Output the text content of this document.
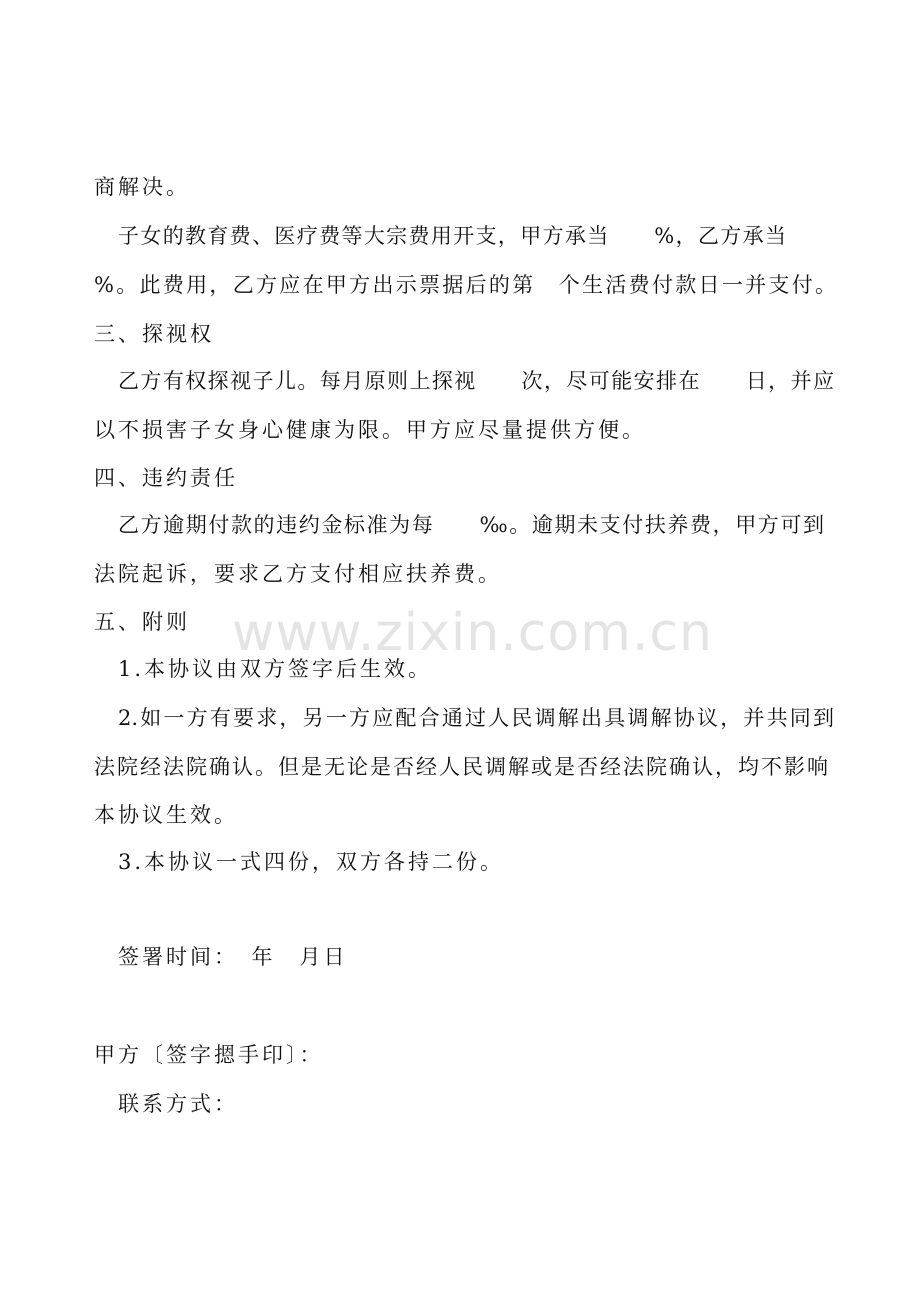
商解决。
子女的教育费、医疗费等大宗费用开支，甲方承当　　%，乙方承当
%。此费用，乙方应在甲方出示票据后的第　个生活费付款日一并支付。
三、探视权
乙方有权探视子儿。每月原则上探视　　次，尽可能安排在　　日，并应
以不损害子女身心健康为限。甲方应尽量提供方便。
四、违约责任
乙方逾期付款的违约金标准为每　　‰。逾期未支付扶养费，甲方可到
法院起诉，要求乙方支付相应扶养费。
五、附则
1.本协议由双方签字后生效。
2.如一方有要求，另一方应配合通过人民调解出具调解协议，并共同到
法院经法院确认。但是无论是否经人民调解或是否经法院确认，均不影响
本协议生效。
3.本协议一式四份，双方各持二份。
签署时间：　年　月日
甲方〔签字摁手印〕：
联系方式：
www.zixin.com.cn
